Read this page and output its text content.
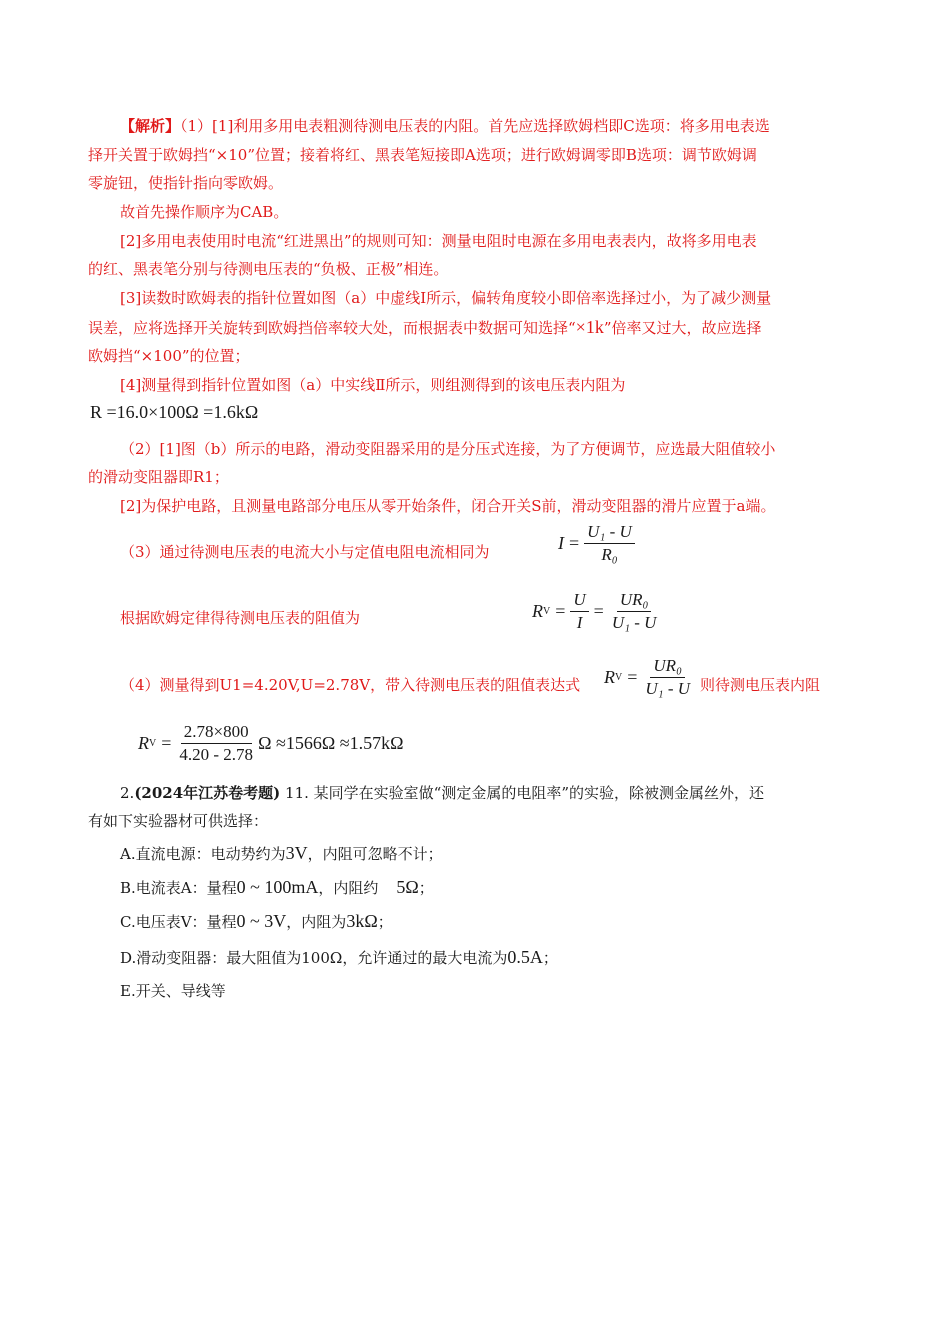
【解析】（1）[1]利用多用电表粗测待测电压表的内阻。首先应选择欧姆档即C选项：将多用电表选
择开关置于欧姆挡“×10”位置；接着将红、黑表笔短接即A选项；进行欧姆调零即B选项：调节欧姆调
零旋钮，使指针指向零欧姆。
故首先操作顺序为CAB。
[2]多用电表使用时电流“红进黑出”的规则可知：测量电阻时电源在多用电表表内，故将多用电表
的红、黑表笔分别与待测电压表的“负极、正极”相连。
[3]读数时欧姆表的指针位置如图（a）中虚线Ⅰ所示，偏转角度较小即倍率选择过小，为了减少测量
误差，应将选择开关旋转到欧姆挡倍率较大处，而根据表中数据可知选择“×1k”倍率又过大，故应选择
欧姆挡“×100”的位置；
[4]测量得到指针位置如图（a）中实线Ⅱ所示，则组测得到的该电压表内阻为
R =16.0×100Ω =1.6kΩ
（2）[1]图（b）所示的电路，滑动变阻器采用的是分压式连接，为了方便调节，应选最大阻值较小
的滑动变阻器即R1；
[2]为保护电路，且测量电路部分电压从零开始条件，闭合开关S前，滑动变阻器的滑片应置于a端。
（3）通过待测电压表的电流大小与定值电阻电流相同为	$I = \frac{\text{U₁ - U}}{\text{R₀}}$
根据欧姆定律得待测电压表的阻值为	R $V = \frac{U}{I} = \frac{\text{UR₀}}{\text{U₁ - U}}$
（4）测量得到U1=4.20V,U=2.78V，带入待测电压表的阻值表达式 R $V = \frac{\text{UR₀}}{\text{U₁ - U}}$ 则待测电压表内阻
R $V = \frac{2.78\times 800}{4.20 - 2.78}$ Ω ≈1566Ω ≈1.57kΩ
2.(2024年江苏卷考题) 11. 某同学在实验室做“测定金属的电阻率”的实验，除被测金属丝外，还
有如下实验器材可供选择：
A.直流电源：电动势约为3V，内阻可忽略不计；
B.电流表A：量程0 ~ 100mA，内阻约 5Ω；
C.电压表V：量程0 ~ 3V，内阻为3kΩ；
D.滑动变阻器：最大阻值为100Ω，允许通过的最大电流为0.5A；
E.开关、导线等
